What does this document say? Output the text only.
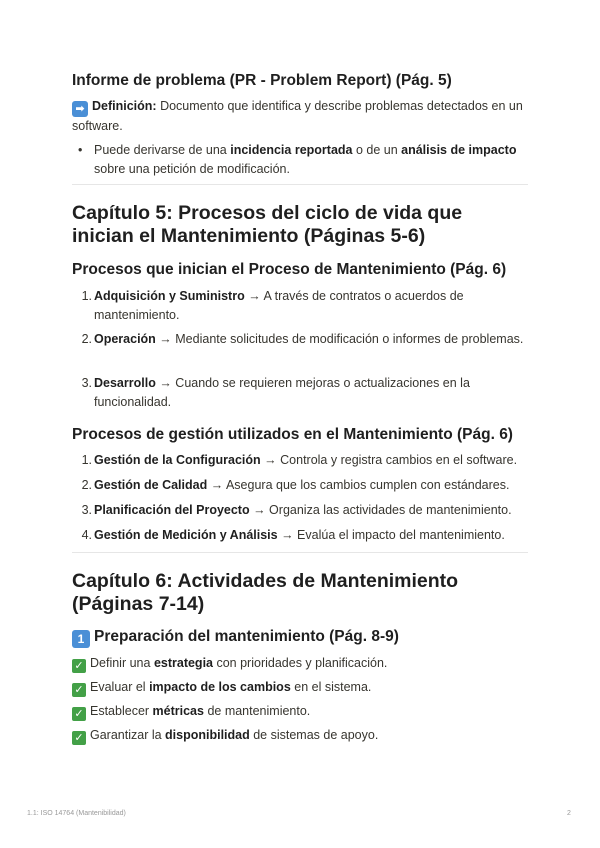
Informe de problema (PR - Problem Report) (Pág. 5)
➡ Definición: Documento que identifica y describe problemas detectados en un software.
• Puede derivarse de una incidencia reportada o de un análisis de impacto sobre una petición de modificación.
Capítulo 5: Procesos del ciclo de vida que inician el Mantenimiento (Páginas 5-6)
Procesos que inician el Proceso de Mantenimiento (Pág. 6)
1. Adquisición y Suministro → A través de contratos o acuerdos de mantenimiento.
2. Operación → Mediante solicitudes de modificación o informes de problemas.
3. Desarrollo → Cuando se requieren mejoras o actualizaciones en la funcionalidad.
Procesos de gestión utilizados en el Mantenimiento (Pág. 6)
1. Gestión de la Configuración → Controla y registra cambios en el software.
2. Gestión de Calidad → Asegura que los cambios cumplen con estándares.
3. Planificación del Proyecto → Organiza las actividades de mantenimiento.
4. Gestión de Medición y Análisis → Evalúa el impacto del mantenimiento.
Capítulo 6: Actividades de Mantenimiento (Páginas 7-14)
1 Preparación del mantenimiento (Pág. 8-9)
✓ Definir una estrategia con prioridades y planificación.
✓ Evaluar el impacto de los cambios en el sistema.
✓ Establecer métricas de mantenimiento.
✓ Garantizar la disponibilidad de sistemas de apoyo.
1.1: ISO 14764 (Mantenibilidad)	2
